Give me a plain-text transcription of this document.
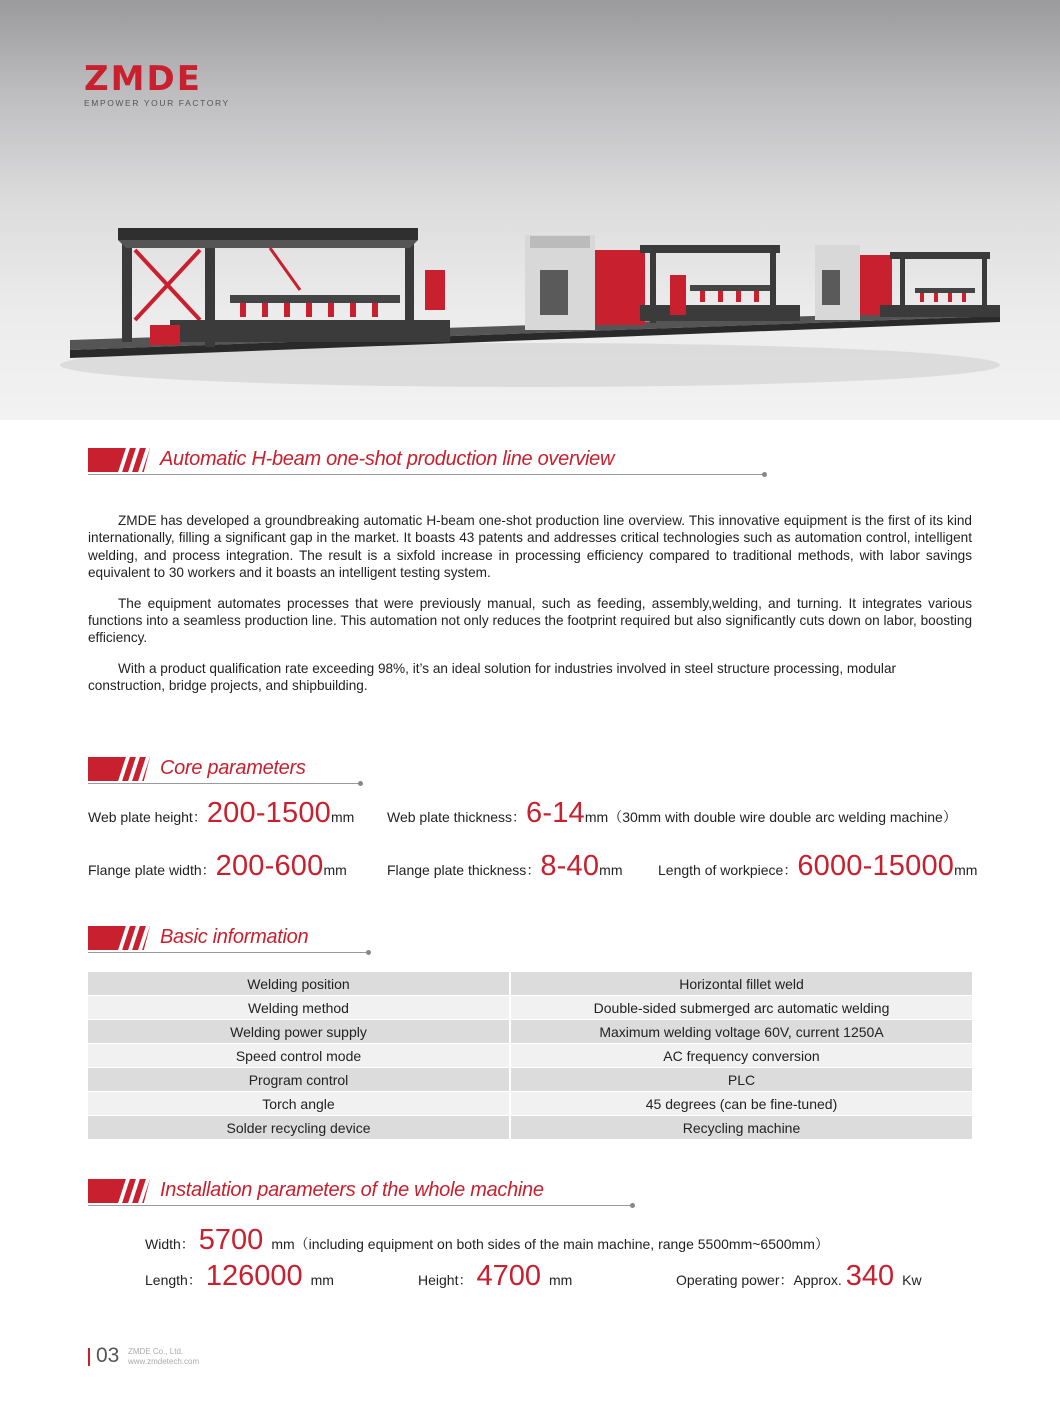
ZMDE
EMPOWER YOUR FACTORY
Automatic H-beam one-shot production line overview

ZMDE has developed a groundbreaking automatic H-beam one-shot production line overview. This innovative equipment is the first of its kind internationally, filling a significant gap in the market. It boasts 43 patents and addresses critical technologies such as automation control, intelligent welding, and process integration. The result is a sixfold increase in processing efficiency compared to traditional methods, with labor savings equivalent to 30 workers and it boasts an intelligent testing system.

The equipment automates processes that were previously manual, such as feeding, assembly,welding, and turning. It integrates various functions into a seamless production line. This automation not only reduces the footprint required but also significantly cuts down on labor, boosting efficiency.

With a product qualification rate exceeding 98%, it’s an ideal solution for industries involved in steel structure processing, modular construction, bridge projects, and shipbuilding.

Core parameters
Web plate height：200-1500mm Web plate thickness：6-14mm（30mm with double wire double arc welding machine）
Flange plate width：200-600mm	Flange plate thickness：8-40mm	Length of workpiece：6000-15000mm
Basic information
Welding position	Horizontal fillet weld
Welding method	Double-sided submerged arc automatic welding
Welding power supply	Maximum welding voltage 60V, current 1250A
Speed control mode	AC frequency conversion
Program control	PLC
Torch angle	45 degrees (can be fine-tuned)
Solder recycling device	Recycling machine
Installation parameters of the whole machine
Width： 5700 mm（including equipment on both sides of the main machine, range 5500mm~6500mm）
Length： 126000 mm	Height： 4700 mm	Operating power：Approx. 340 Kw
03 ZMDE Co., Ltd.
www.zmdetech.com
